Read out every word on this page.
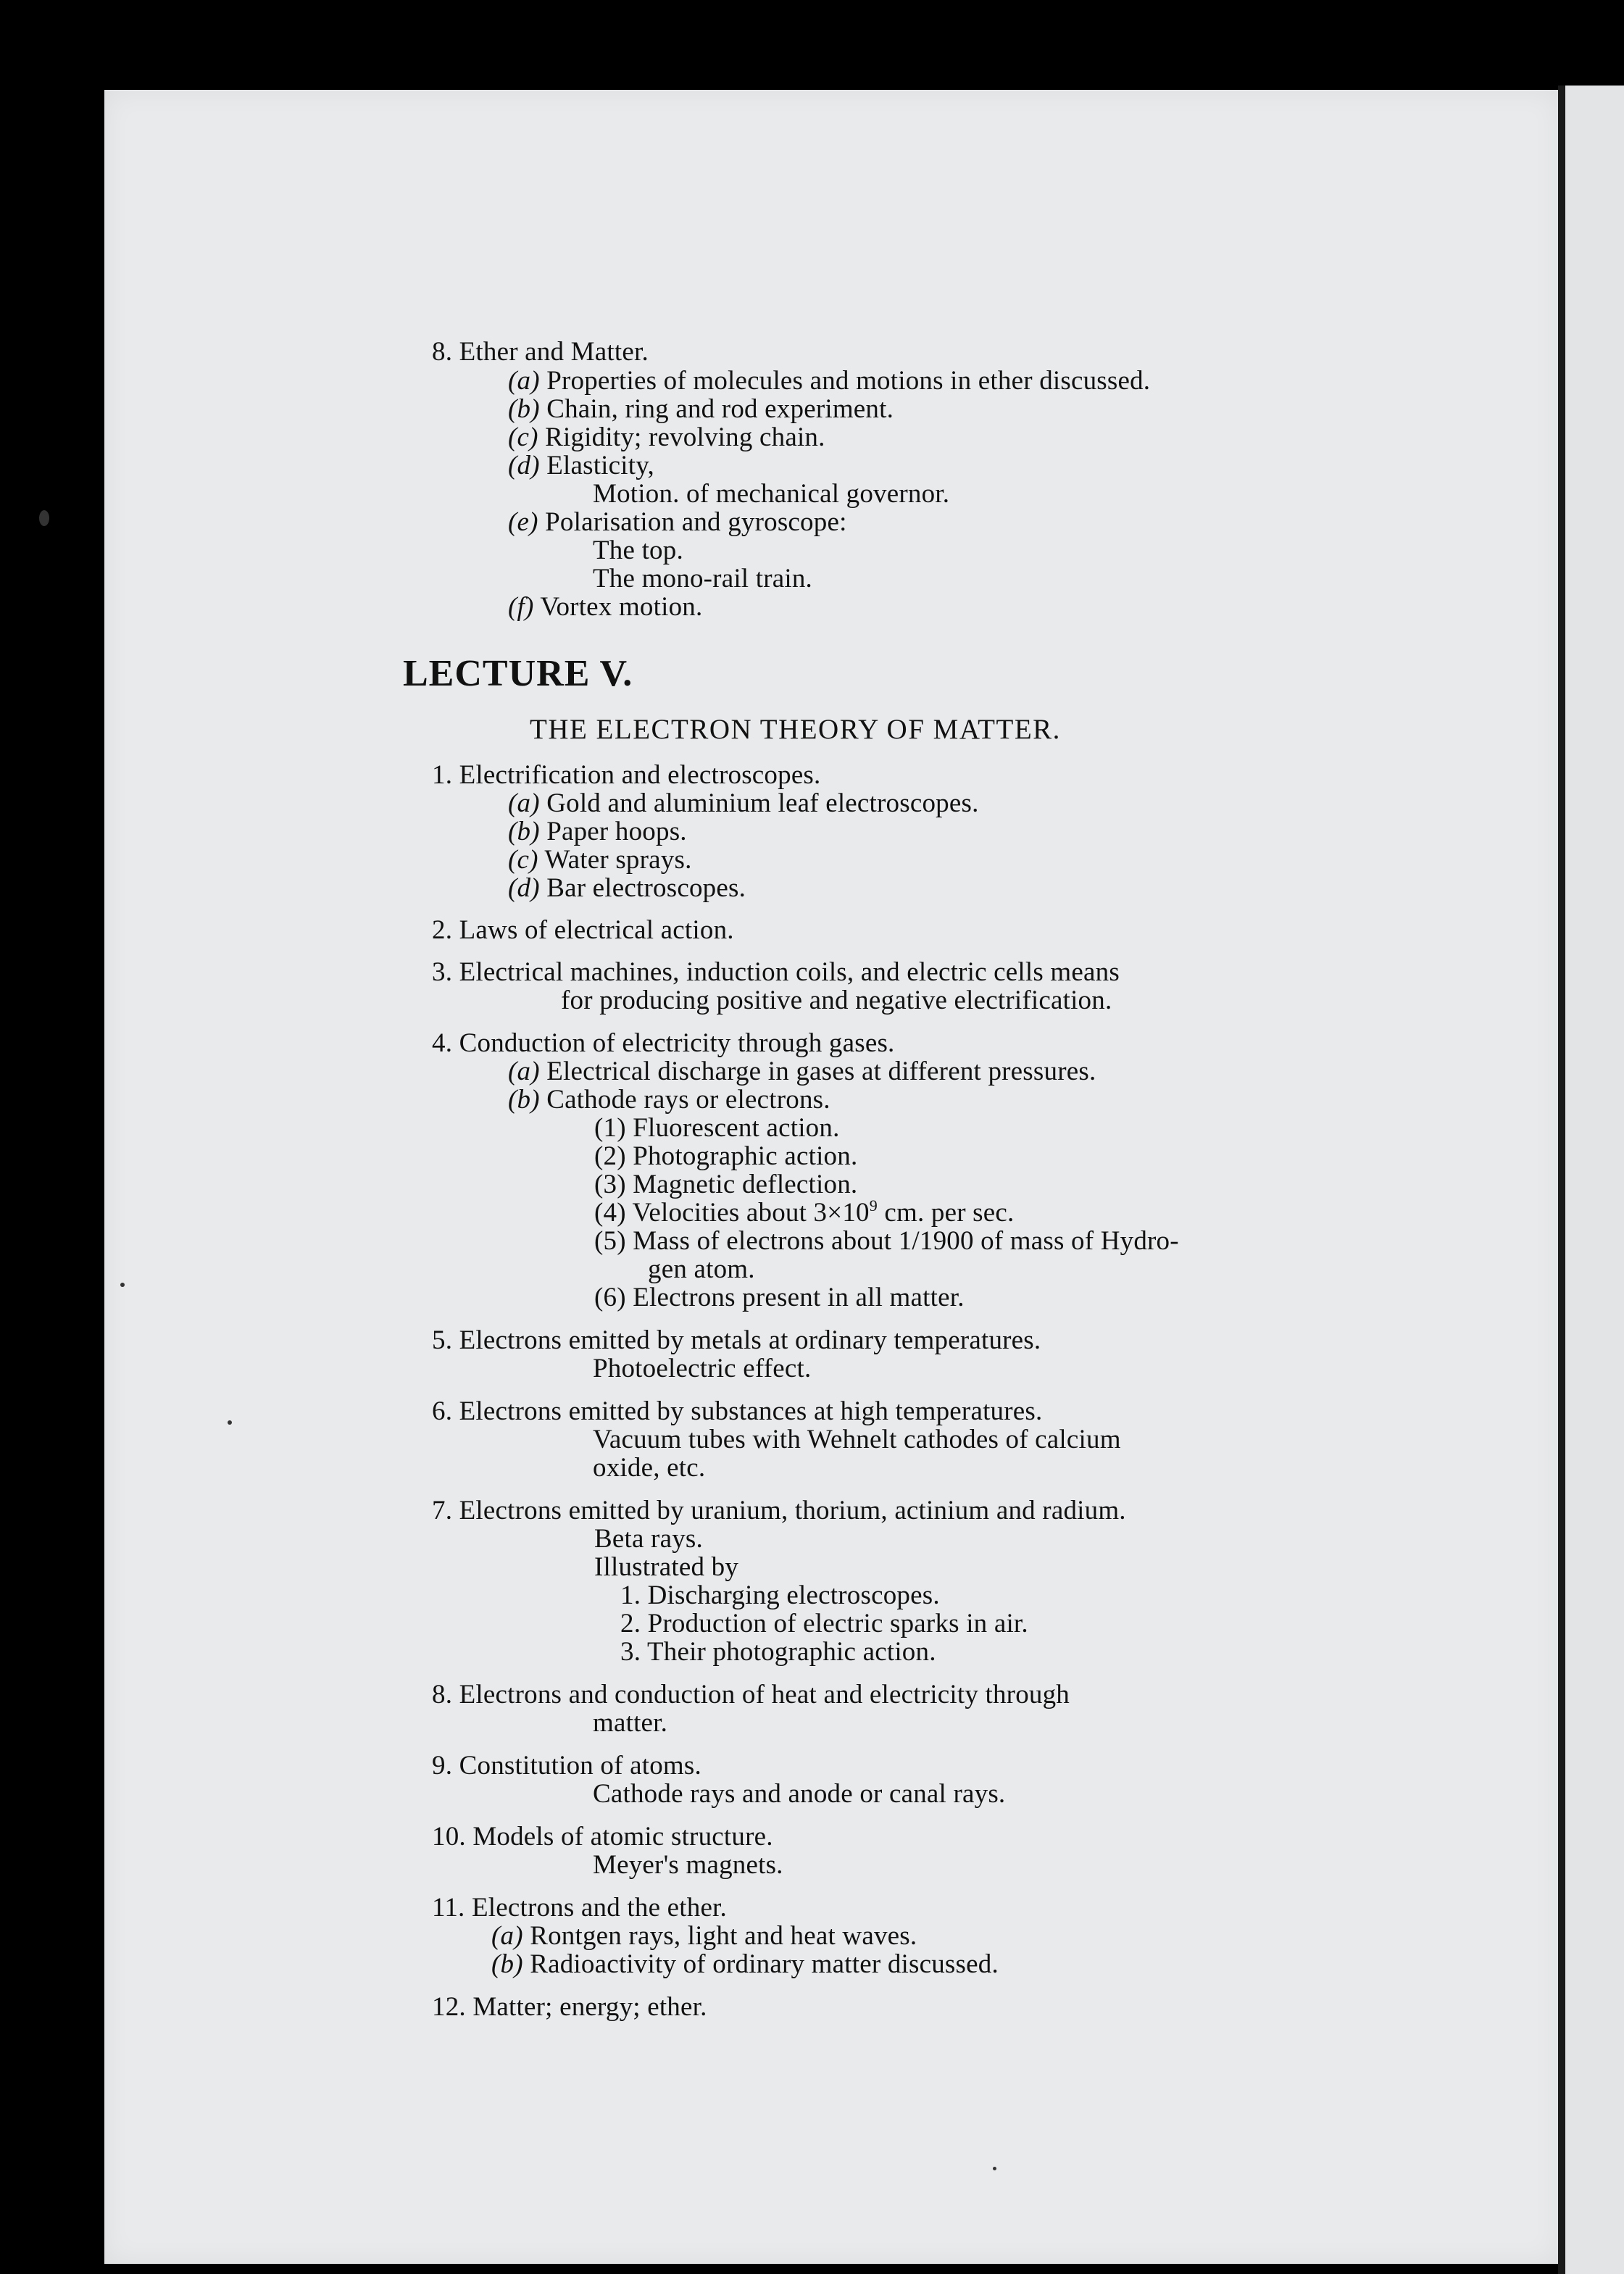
8. Ether and Matter.
(a) Properties of molecules and motions in ether discussed.
(b) Chain, ring and rod experiment.
(c) Rigidity; revolving chain.
(d) Elasticity,
Motion. of mechanical governor.
(e) Polarisation and gyroscope:
The top.
The mono-rail train.
(f) Vortex motion.
LECTURE V.
THE ELECTRON THEORY OF MATTER.
1. Electrification and electroscopes.
(a) Gold and aluminium leaf electroscopes.
(b) Paper hoops.
(c) Water sprays.
(d) Bar electroscopes.
2. Laws of electrical action.
3. Electrical machines, induction coils, and electric cells means
for producing positive and negative electrification.
4. Conduction of electricity through gases.
(a) Electrical discharge in gases at different pressures.
(b) Cathode rays or electrons.
(1) Fluorescent action.
(2) Photographic action.
(3) Magnetic deflection.
(4) Velocities about $3\times 10^9$ cm. per sec.
(5) Mass of electrons about 1/1900 of mass of Hydro-
gen atom.
(6) Electrons present in all matter.
5. Electrons emitted by metals at ordinary temperatures.
Photoelectric effect.
6. Electrons emitted by substances at high temperatures.
Vacuum tubes with Wehnelt cathodes of calcium
oxide, etc.
7. Electrons emitted by uranium, thorium, actinium and radium.
Beta rays.
Illustrated by
1. Discharging electroscopes.
2. Production of electric sparks in air.
3. Their photographic action.
8. Electrons and conduction of heat and electricity through
matter.
9. Constitution of atoms.
Cathode rays and anode or canal rays.
10. Models of atomic structure.
Meyer's magnets.
11. Electrons and the ether.
(a) Rontgen rays, light and heat waves.
(b) Radioactivity of ordinary matter discussed.
12. Matter; energy; ether.
